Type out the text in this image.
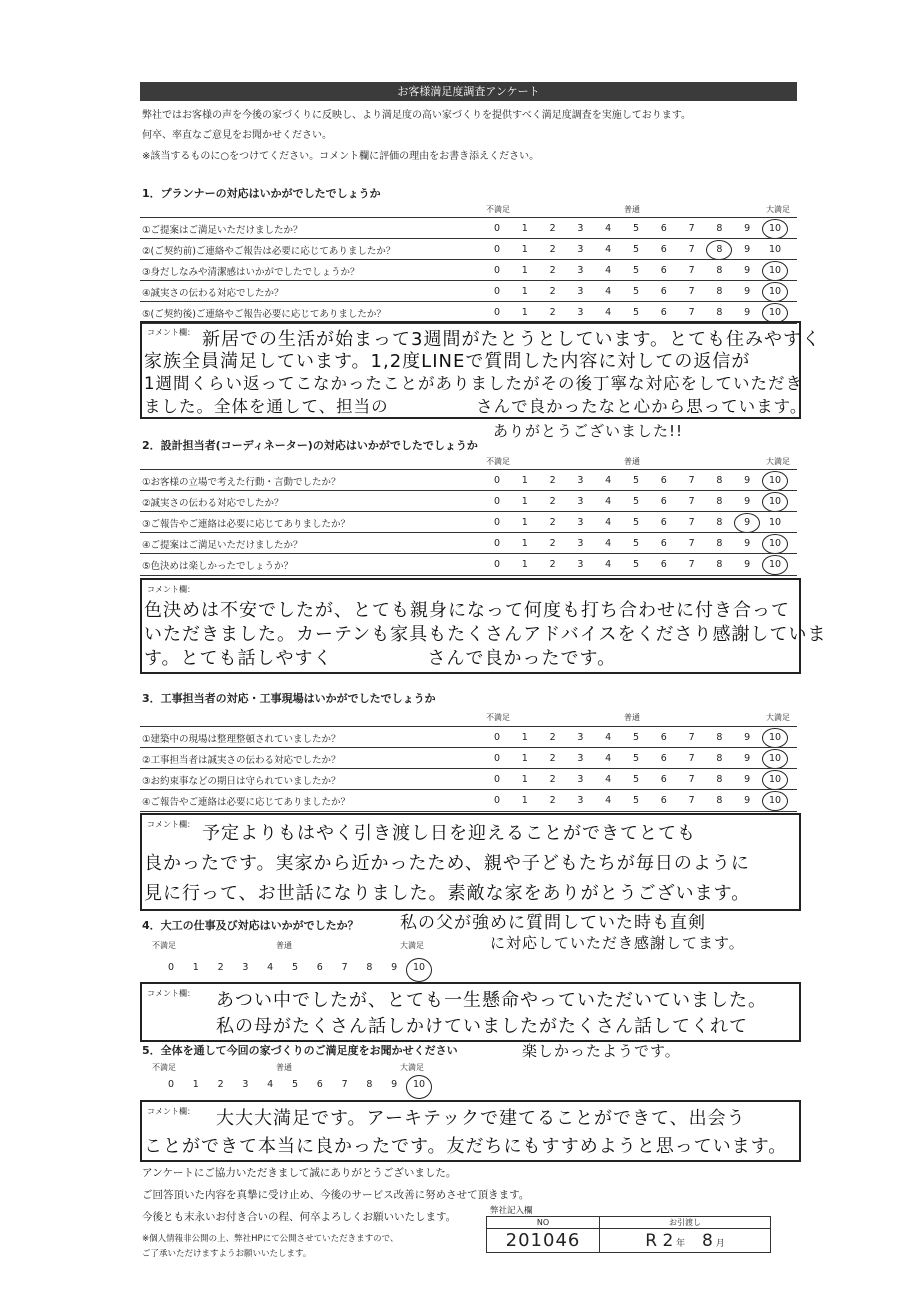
お客様満足度調査アンケート
弊社ではお客様の声を今後の家づくりに反映し、より満足度の高い家づくりを提供すべく満足度調査を実施しております。
何卒、率直なご意見をお聞かせください。
※該当するものに○をつけてください。コメント欄に評価の理由をお書き添えください。
1．プランナーの対応はいかがでしたでしょうか
不満足	普通	大満足
①ご提案はご満足いただけましたか？	0	1	2	3	4	5	6	7	8	9	10
②(ご契約前)ご連絡やご報告は必要に応じてありましたか？	0	1	2	3	4	5	6	7	8	9	10
③身だしなみや清潔感はいかがでしたでしょうか？	0	1	2	3	4	5	6	7	8	9	10
④誠実さの伝わる対応でしたか？	0	1	2	3	4	5	6	7	8	9	10
⑤(ご契約後)ご連絡やご報告必要に応じてありましたか？	0	1	2	3	4	5	6	7	8	9	10
コメント欄： 新居での生活が始まって3週間がたとうとしています。とても住みやすく
家族全員満足しています。1,2度LINEで質問した内容に対しての返信が
1週間くらい返ってこなかったことがありましたがその後丁寧な対応をしていただき
ました。全体を通して、担当の　　　　　さんで良かったなと心から思っています。
ありがとうございました!!
2．設計担当者(コーディネーター)の対応はいかがでしたでしょうか
不満足	普通	大満足
①お客様の立場で考えた行動・言動でしたか？	0	1	2	3	4	5	6	7	8	9	10
②誠実さの伝わる対応でしたか？	0	1	2	3	4	5	6	7	8	9	10
③ご報告やご連絡は必要に応じてありましたか？	0	1	2	3	4	5	6	7	8	9	10
④ご提案はご満足いただけましたか？	0	1	2	3	4	5	6	7	8	9	10
⑤色決めは楽しかったでしょうか？	0	1	2	3	4	5	6	7	8	9	10
コメント欄：
色決めは不安でしたが、とても親身になって何度も打ち合わせに付き合って
いただきました。カーテンも家具もたくさんアドバイスをくださり感謝していま
す。とても話しやすく　　　　　さんで良かったです。
3．工事担当者の対応・工事現場はいかがでしたでしょうか
不満足	普通	大満足
①建築中の現場は整理整頓されていましたか？	0	1	2	3	4	5	6	7	8	9	10
②工事担当者は誠実さの伝わる対応でしたか？	0	1	2	3	4	5	6	7	8	9	10
③お約束事などの期日は守られていましたか？	0	1	2	3	4	5	6	7	8	9	10
④ご報告やご連絡は必要に応じてありましたか？	0	1	2	3	4	5	6	7	8	9	10
コメント欄： 予定よりもはやく引き渡し日を迎えることができてとても
良かったです。実家から近かったため、親や子どもたちが毎日のように
見に行って、お世話になりました。素敵な家をありがとうございます。
4．大工の仕事及び対応はいかがでしたか？ 私の父が強めに質問していた時も直剣
に対応していただき感謝してます。
不満足	普通	大満足
0	1	2	3	4	5	6	7	8	9	10
コメント欄： あつい中でしたが、とても一生懸命やっていただいていました。
私の母がたくさん話しかけていましたがたくさん話してくれて
楽しかったようです。
5．全体を通して今回の家づくりのご満足度をお聞かせください
不満足	普通	大満足
0	1	2	3	4	5	6	7	8	9	10
コメント欄： 大大大満足です。アーキテックで建てることができて、出会う
ことができて本当に良かったです。友だちにもすすめようと思っています。
アンケートにご協力いただきまして誠にありがとうございました。
ご回答頂いた内容を真摯に受け止め、今後のサービス改善に努めさせて頂きます。
今後とも末永いお付き合いの程、何卒よろしくお願いいたします。
※個人情報非公開の上、弊社HPにて公開させていただきますので、
ご了承いただけますようお願いいたします。
弊社記入欄
NO	お引渡し
201046	R 2 年 8 月
